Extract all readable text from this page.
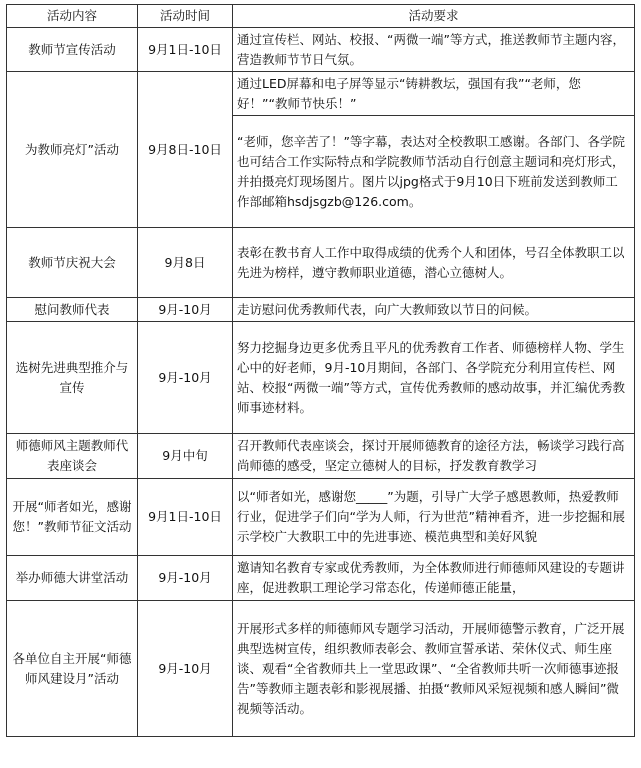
活动内容	活动时间	活动要求
教师节宣传活动	9月1日-10日	通过宣传栏、网站、校报、“两微一端”等方式，推送教师节主题内容，营造教师节节日气氛。
为教师亮灯”活动	9月8日-10日	通过LED屏幕和电子屏等显示“铸耕教坛，强国有我”“老师，您好！”“教师节快乐！”
		“老师，您辛苦了！”等字幕，表达对全校教职工感谢。各部门、各学院也可结合工作实际特点和学院教师节活动自行创意主题词和亮灯形式，并拍摄亮灯现场图片。图片以jpg格式于9月10日下班前发送到教师工作部邮箱hsdjsgzb@126.com。
教师节庆祝大会	9月8日	表彰在教书育人工作中取得成绩的优秀个人和团体，号召全体教职工以先进为榜样，遵守教师职业道德，潜心立德树人。
慰问教师代表	9月-10月	走访慰问优秀教师代表，向广大教师致以节日的问候。
选树先进典型推介与宣传	9月-10月	努力挖掘身边更多优秀且平凡的优秀教育工作者、师德榜样人物、学生心中的好老师，9月-10月期间，各部门、各学院充分利用宣传栏、网站、校报“两微一端”等方式，宣传优秀教师的感动故事，并汇编优秀教师事迹材料。
师德师风主题教师代表座谈会	9月中旬	召开教师代表座谈会，探讨开展师德教育的途径方法，畅谈学习践行高尚师德的感受，坚定立德树人的目标，抒发教育教学习
开展“师者如光，感谢您！”教师节征文活动	9月1日-10日	以“师者如光，感谢您_____”为题，引导广大学子感恩教师，热爱教师行业，促进学子们向“学为人师，行为世范”精神看齐，进一步挖掘和展示学校广大教职工中的先进事迹、模范典型和美好风貌
举办师德大讲堂活动	9月-10月	邀请知名教育专家或优秀教师，为全体教师进行师德师风建设的专题讲座，促进教职工理论学习常态化，传递师德正能量，
各单位自主开展“师德师风建设月”活动	9月-10月	开展形式多样的师德师风专题学习活动，开展师德警示教育，广泛开展典型选树宣传，组织教师表彰会、教师宣誓承诺、荣休仪式、师生座谈、观看“全省教师共上一堂思政课”、“全省教师共听一次师德事迹报告”等教师主题表彰和影视展播、拍摄“教师风采短视频和感人瞬间”微视频等活动。
